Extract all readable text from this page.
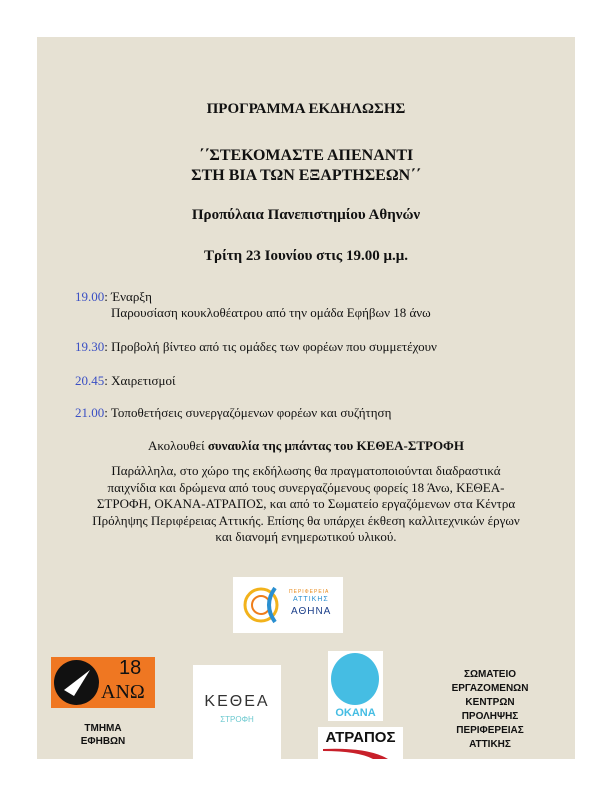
ΠΡΟΓΡΑΜΜΑ ΕΚΔΗΛΩΣΗΣ
΄΄ΣΤΕΚΟΜΑΣΤΕ ΑΠΕΝΑΝΤΙ
ΣΤΗ ΒΙΑ ΤΩΝ ΕΞΑΡΤΗΣΕΩΝ΄΄
Προπύλαια Πανεπιστημίου Αθηνών
Τρίτη 23 Ιουνίου στις 19.00 μ.μ.
19.00: Έναρξη
Παρουσίαση κουκλοθέατρου από την ομάδα Εφήβων 18 άνω
19.30: Προβολή βίντεο από τις ομάδες των φορέων που συμμετέχουν
20.45: Χαιρετισμοί
21.00: Τοποθετήσεις συνεργαζόμενων φορέων και συζήτηση
Ακολουθεί συναυλία της μπάντας του ΚΕΘΕΑ-ΣΤΡΟΦΗ
Παράλληλα, στο χώρο της εκδήλωσης θα πραγματοποιούνται διαδραστικά παιχνίδια και δρώμενα από τους συνεργαζόμενους φορείς 18 Άνω, ΚΕΘΕΑ-ΣΤΡΟΦΗ, ΟΚΑΝΑ-ΑΤΡΑΠΟΣ, και από το Σωματείο εργαζόμενων στα Κέντρα Πρόληψης Περιφέρειας Αττικής. Επίσης θα υπάρχει έκθεση καλλιτεχνικών έργων και διανομή ενημερωτικού υλικού.
ΠΕΡΙΦΕΡΕΙΑ
ΑΤΤΙΚΗΣ
ΑΘΗΝΑ
18
ΑΝΩ
ΤΜΗΜΑ
ΕΦΗΒΩΝ
ΚΕΘΕΑ
ΣΤΡΟΦΗ
ΟΚΑΝΑ
ΑΤΡΑΠΟΣ
ΣΩΜΑΤΕΙΟ
ΕΡΓΑΖΟΜΕΝΩΝ
ΚΕΝΤΡΩΝ
ΠΡΟΛΗΨΗΣ
ΠΕΡΙΦΕΡΕΙΑΣ
ΑΤΤΙΚΗΣ
